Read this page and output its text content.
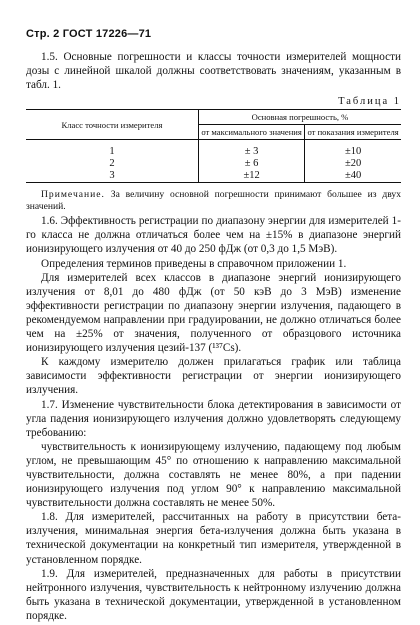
Стр. 2 ГОСТ 17226—71

1.5. Основные погрешности и классы точности измерителей мощности дозы с линейной шкалой должны соответствовать значениям, указанным в табл. 1.

Таблица 1
Класс точности измерителя	Основная погрешность, %	
	от максимального значения	от показания измерителя

1	± 3	±10
2	± 6	±20
3	±12	±40
Примечание. За величину основной погрешности принимают большее из двух значений.

1.6. Эффективность регистрации по диапазону энергии для измерителей 1-го класса не должна отличаться более чем на ±15% в диапазоне энергий ионизирующего излучения от 40 до 250 фДж (от 0,3 до 1,5 МэВ).

Определения терминов приведены в справочном приложении 1.

Для измерителей всех классов в диапазоне энергий ионизирующего излучения от 8,01 до 480 фДж (от 50 кэВ до 3 МэВ) изменение эффективности регистрации по диапазону энергии излучения, падающего в рекомендуемом направлении при градуировании, не должно отличаться более чем на ±25% от значения, полученного от образцового источника ионизирующего излучения цезий-137 (¹³⁷Cs).

К каждому измерителю должен прилагаться график или таблица зависимости эффективности регистрации от энергии ионизирующего излучения.

1.7. Изменение чувствительности блока детектирования в зависимости от угла падения ионизирующего излучения должно удовлетворять следующему требованию:

чувствительность к ионизирующему излучению, падающему под любым углом, не превышающим 45° по отношению к направлению максимальной чувствительности, должна составлять не менее 80%, а при падении ионизирующего излучения под углом 90° к направлению максимальной чувствительности должна составлять не менее 50%.

1.8. Для измерителей, рассчитанных на работу в присутствии бета-излучения, минимальная энергия бета-излучения должна быть указана в технической документации на конкретный тип измерителя, утвержденной в установленном порядке.

1.9. Для измерителей, предназначенных для работы в присутствии нейтронного излучения, чувствительность к нейтронному излучению должна быть указана в технической документации, утвержденной в установленном порядке.
